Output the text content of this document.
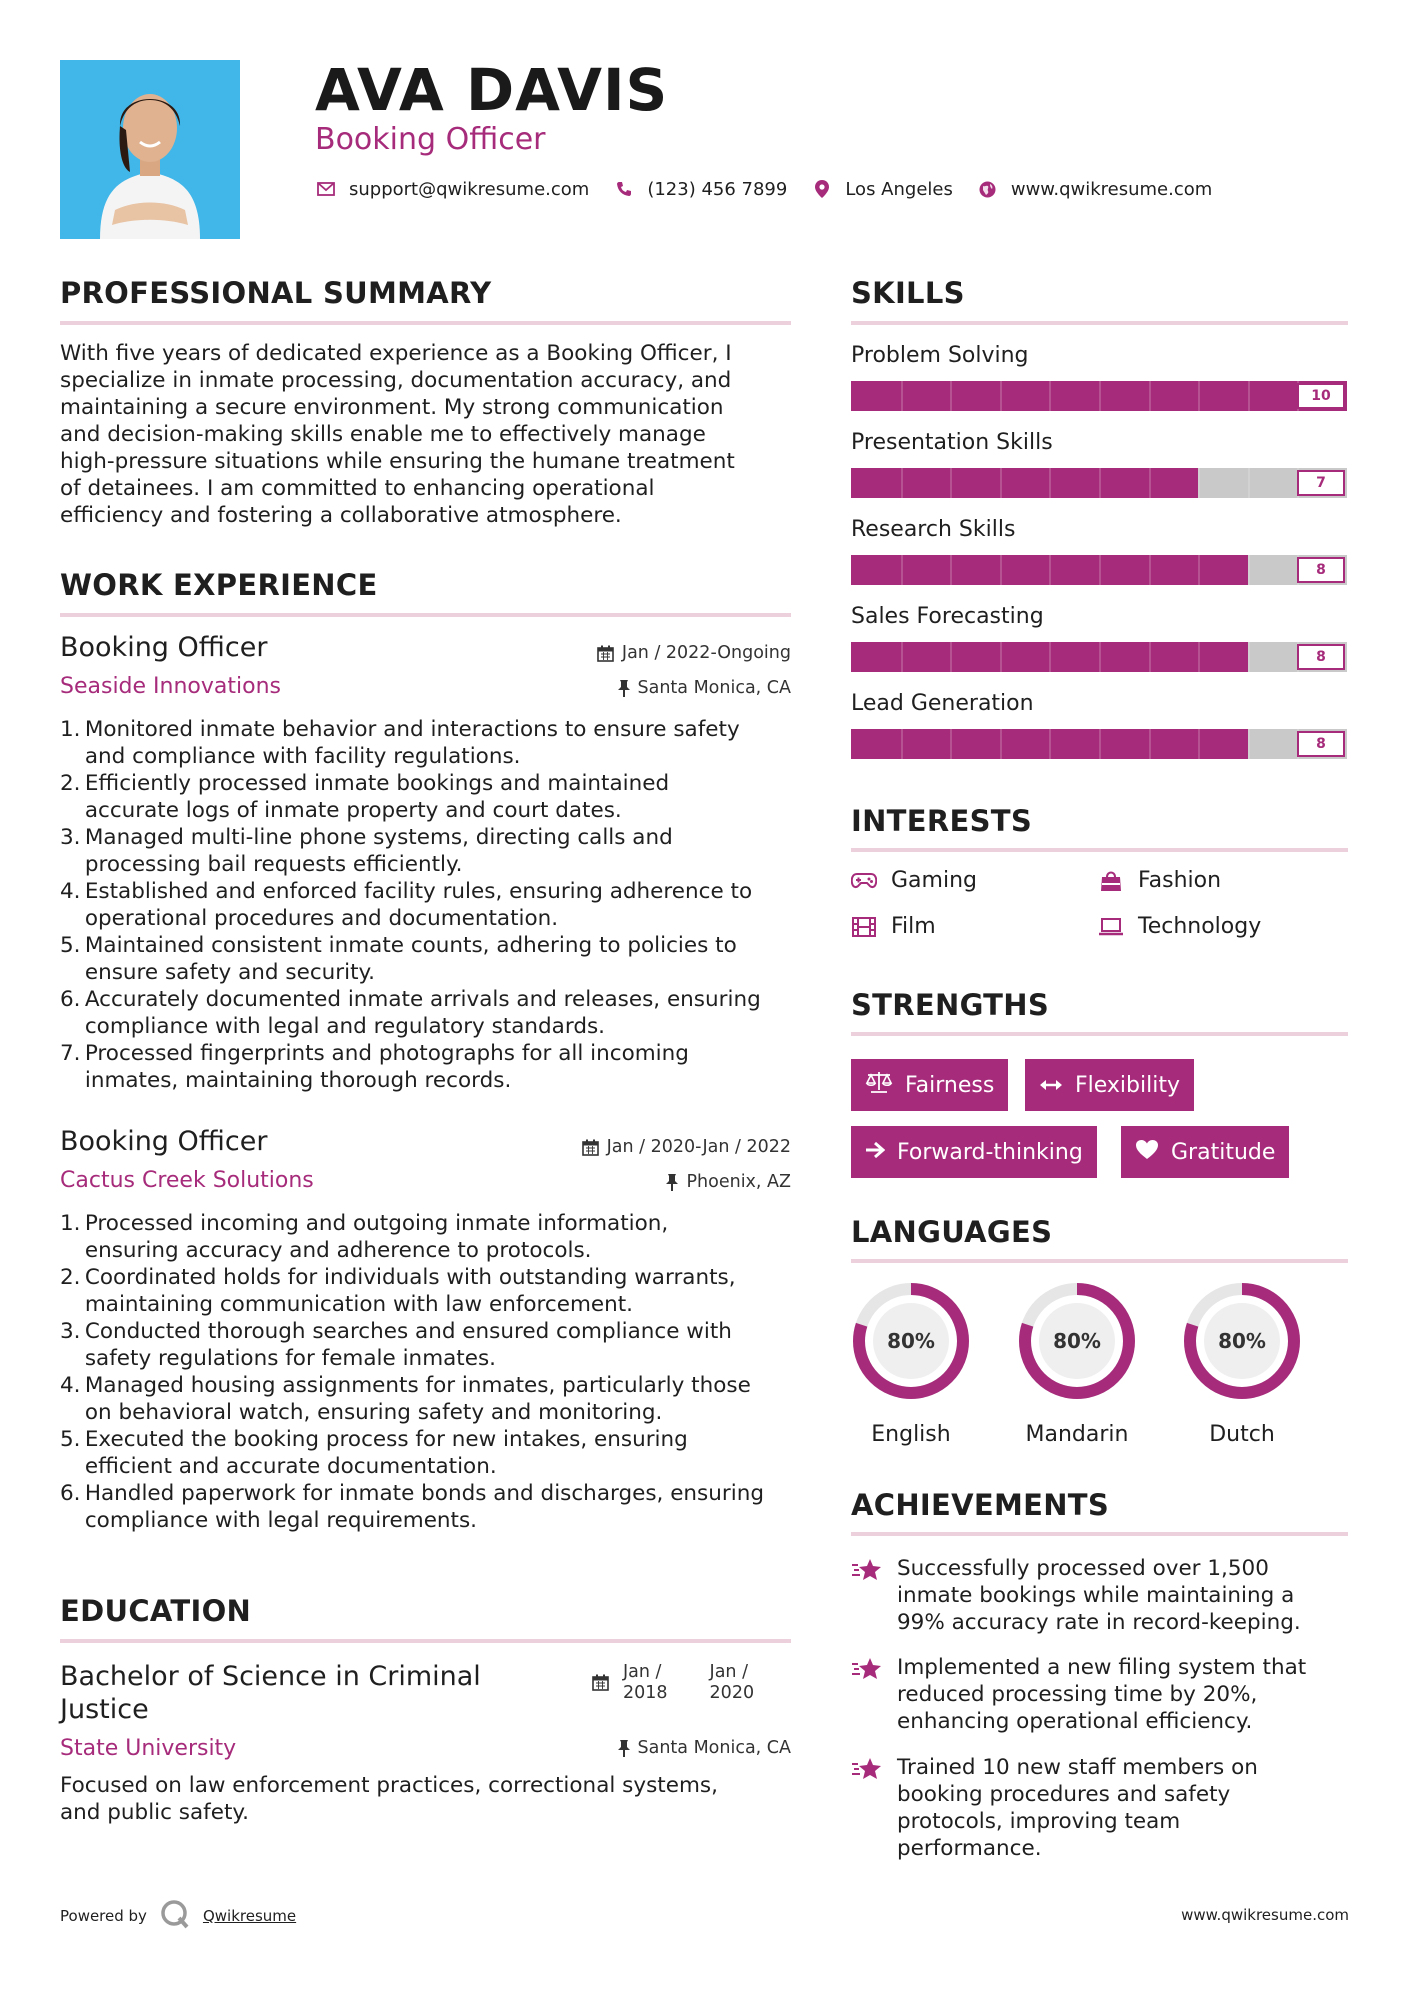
AVA DAVIS
Booking Officer
support@qwikresume.com	(123) 456 7899	Los Angeles	www.qwikresume.com
PROFESSIONAL SUMMARY
With five years of dedicated experience as a Booking Officer, I
specialize in inmate processing, documentation accuracy, and
maintaining a secure environment. My strong communication
and decision-making skills enable me to effectively manage
high-pressure situations while ensuring the humane treatment
of detainees. I am committed to enhancing operational
efficiency and fostering a collaborative atmosphere.
WORK EXPERIENCE
Booking Officer	Jan / 2022-Ongoing
Seaside Innovations	Santa Monica, CA
1. Monitored inmate behavior and interactions to ensure safety
and compliance with facility regulations.
2. Efficiently processed inmate bookings and maintained
accurate logs of inmate property and court dates.
3. Managed multi-line phone systems, directing calls and
processing bail requests efficiently.
4. Established and enforced facility rules, ensuring adherence to
operational procedures and documentation.
5. Maintained consistent inmate counts, adhering to policies to
ensure safety and security.
6. Accurately documented inmate arrivals and releases, ensuring
compliance with legal and regulatory standards.
7. Processed fingerprints and photographs for all incoming
inmates, maintaining thorough records.
Booking Officer	Jan / 2020-Jan / 2022
Cactus Creek Solutions	Phoenix, AZ
1. Processed incoming and outgoing inmate information,
ensuring accuracy and adherence to protocols.
2. Coordinated holds for individuals with outstanding warrants,
maintaining communication with law enforcement.
3. Conducted thorough searches and ensured compliance with
safety regulations for female inmates.
4. Managed housing assignments for inmates, particularly those
on behavioral watch, ensuring safety and monitoring.
5. Executed the booking process for new intakes, ensuring
efficient and accurate documentation.
6. Handled paperwork for inmate bonds and discharges, ensuring
compliance with legal requirements.
EDUCATION
Bachelor of Science in Criminal
Justice
Jan /
2018
Jan /
2020
State University	Santa Monica, CA
Focused on law enforcement practices, correctional systems,
and public safety.
SKILLS
Problem Solving
10
Presentation Skills
7
Research Skills
8
Sales Forecasting
8
Lead Generation
8
INTERESTS
Gaming	Fashion
Film	Technology
STRENGTHS
Fairness	Flexibility
Forward-thinking	Gratitude
LANGUAGES
80%
English
80%
Mandarin
80%
Dutch
ACHIEVEMENTS
Successfully processed over 1,500
inmate bookings while maintaining a
99% accuracy rate in record-keeping.
Implemented a new filing system that
reduced processing time by 20%,
enhancing operational efficiency.
Trained 10 new staff members on
booking procedures and safety
protocols, improving team
performance.
Powered by	Qwikresume	www.qwikresume.com
